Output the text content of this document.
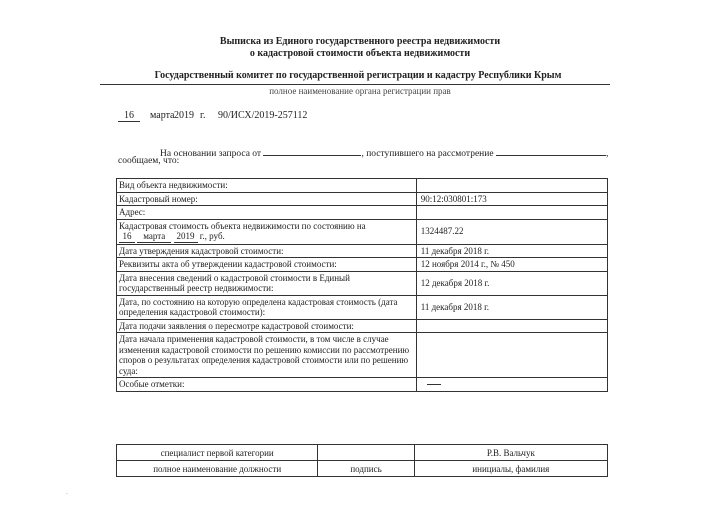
Выписка из Единого государственного реестра недвижимости
о кадастровой стоимости объекта недвижимости
Государственный комитет по государственной регистрации и кадастру Республики Крым
полное наименование органа регистрации прав
16	марта 2019 г. 90/ИСХ/2019-257112
На основании запроса от	, поступившего на рассмотрение	,
сообщаем, что:
Вид объекта недвижимости:	
Кадастровый номер:	90:12:030801:173
Адрес:	
Кадастровая стоимость объекта недвижимости по состоянию на
16 марта 2019 г., руб.	1324487.22
Дата утверждения кадастровой стоимости:	11 декабря 2018 г.
Реквизиты акта об утверждении кадастровой стоимости:	12 ноября 2014 г., № 450
Дата внесения сведений о кадастровой стоимости в Единый государственный реестр недвижимости:	12 декабря 2018 г.
Дата, по состоянию на которую определена кадастровая стоимость (дата определения кадастровой стоимости):	11 декабря 2018 г.
Дата подачи заявления о пересмотре кадастровой стоимости:	
Дата начала применения кадастровой стоимости, в том числе в случае изменения кадастровой стоимости по решению комиссии по рассмотрению споров о результатах определения кадастровой стоимости или по решению суда:	
Особые отметки:	
специалист первой категории		Р.В. Вальчук
полное наименование должности	подпись	инициалы, фамилия
.
